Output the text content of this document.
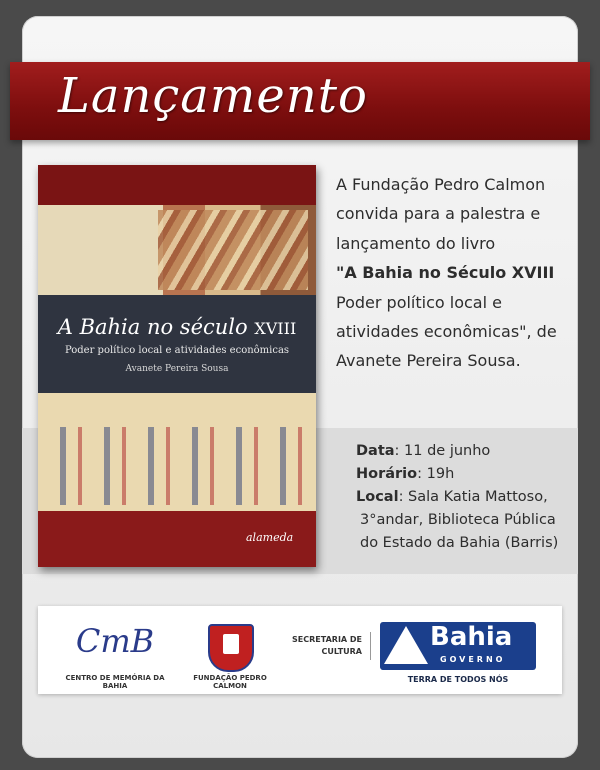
Lançamento
A Bahia no século XVIII
Poder político local e atividades econômicas
Avanete Pereira Sousa
alameda
A Fundação Pedro Calmon
convida para a palestra e
lançamento do livro
"A Bahia no Século XVIII
Poder político local e
atividades econômicas", de
Avanete Pereira Sousa.
Data: 11 de junho
Horário: 19h
Local: Sala Katia Mattoso,
3°andar, Biblioteca Pública
do Estado da Bahia (Barris)
CmB
CENTRO DE MEMÓRIA DA BAHIA
FUNDAÇÃO PEDRO CALMON
SECRETARIA DE
CULTURA	Bahia
GOVERNO
TERRA DE TODOS NÓS
